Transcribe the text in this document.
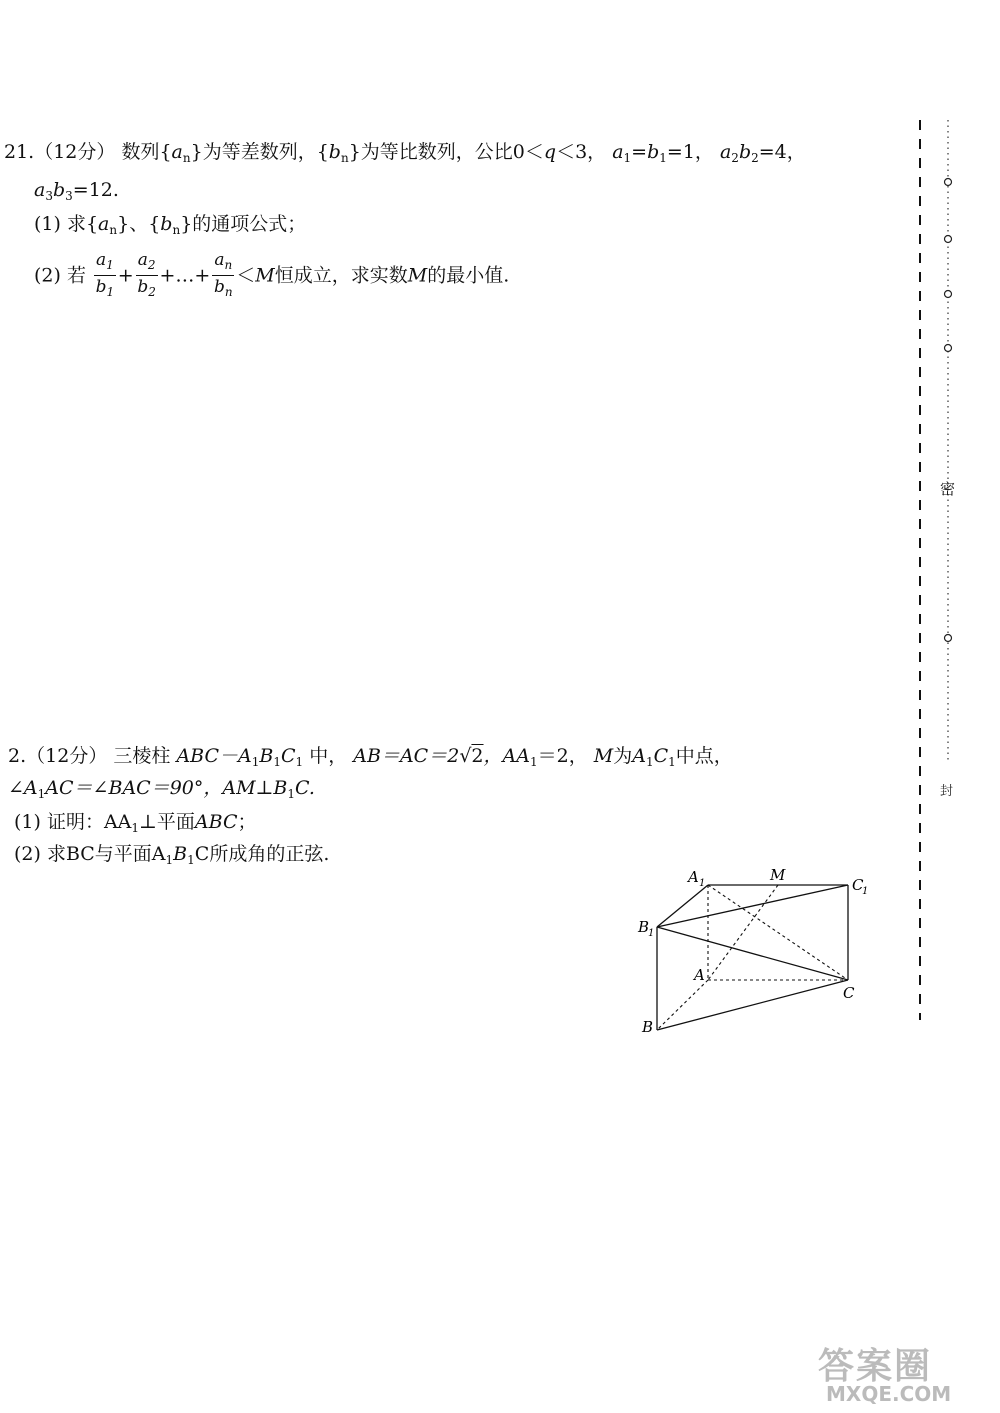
21.（12分） 数列$\{a_n\}$为等差数列，$\{b_n\}$为等比数列，公比0＜q＜3， $a_1=b_1=1$， $a_2b_2=4$，
$a_3b_3=12$.
(1) 求$\{a_n\}$、$\{b_n\}$的通项公式；
(2) 若 $\frac{a_1}{b_1} + \frac{a_2}{b_2}$ +…+ $\frac{a_n}{b_n} <M$恒成立，求实数M的最小值.
2.（12分） 三棱柱 $ABC-A_1B_1C_1$ 中， AB＝AC＝2√2，$AA_1=2$， M为$A_1C_1$中点，
$\angle A_1AC=\angle BAC=90^\circ$，$AM\perp B_1C$.
(1) 证明：$AA_1\perp$平面ABC；
(2) 求BC与平面$A_1B_1C$所成角的正弦.
A 1	M
C
1
B
1
A
C
B
密
封
答案圈
MXQE.COM
